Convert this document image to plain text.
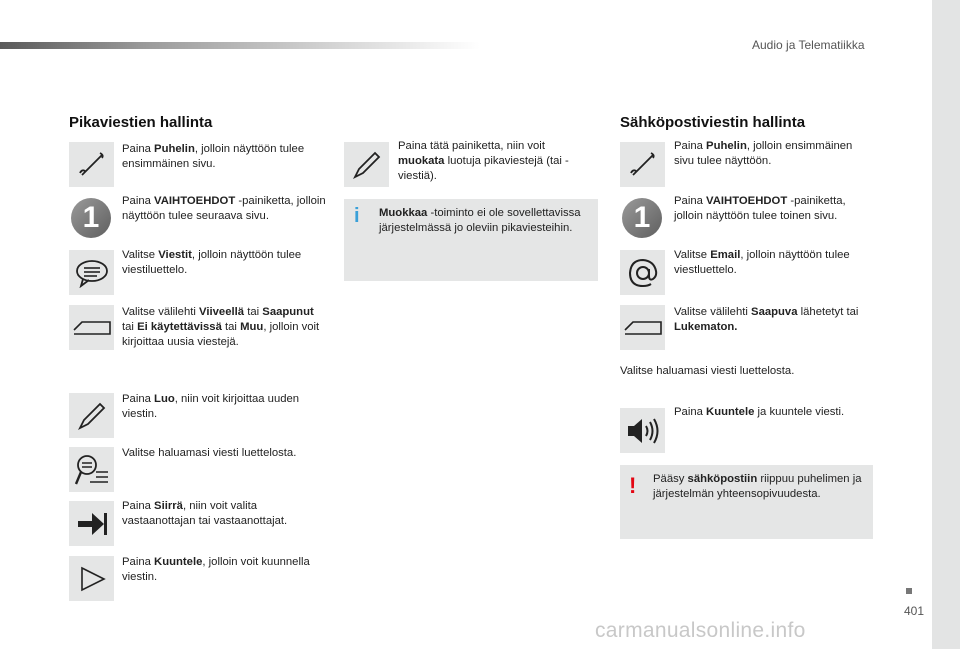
Audio ja Telematiikka
Pikaviestien hallinta
Paina Puhelin, jolloin näyttöön tulee ensimmäinen sivu.
1	Paina VAIHTOEHDOT -painiketta, jolloin näyttöön tulee seuraava sivu.
Valitse Viestit, jolloin näyttöön tulee viestiluettelo.
Valitse välilehti Viiveellä tai Saapunut tai Ei käytettävissä tai Muu, jolloin voit kirjoittaa uusia viestejä.
Paina Luo, niin voit kirjoittaa uuden viestin.
Valitse haluamasi viesti luettelosta.
Paina Siirrä, niin voit valita vastaanottajan tai vastaanottajat.
Paina Kuuntele, jolloin voit kuunnella viestin.
Paina tätä painiketta, niin voit muokata luotuja pikaviestejä (tai -viestiä).
i Muokkaa -toiminto ei ole sovellettavissa järjestelmässä jo oleviin pikaviesteihin.
Sähköpostiviestin hallinta
Paina Puhelin, jolloin ensimmäinen sivu tulee näyttöön.
1	Paina VAIHTOEHDOT -painiketta, jolloin näyttöön tulee toinen sivu.
Valitse Email, jolloin näyttöön tulee viestluettelo.
Valitse välilehti Saapuva lähetetyt tai Lukematon.
Valitse haluamasi viesti luettelosta.
Paina Kuuntele ja kuuntele viesti.
! Pääsy sähköpostiin riippuu puhelimen ja järjestelmän yhteensopivuudesta.
401
carmanualsonline.info
